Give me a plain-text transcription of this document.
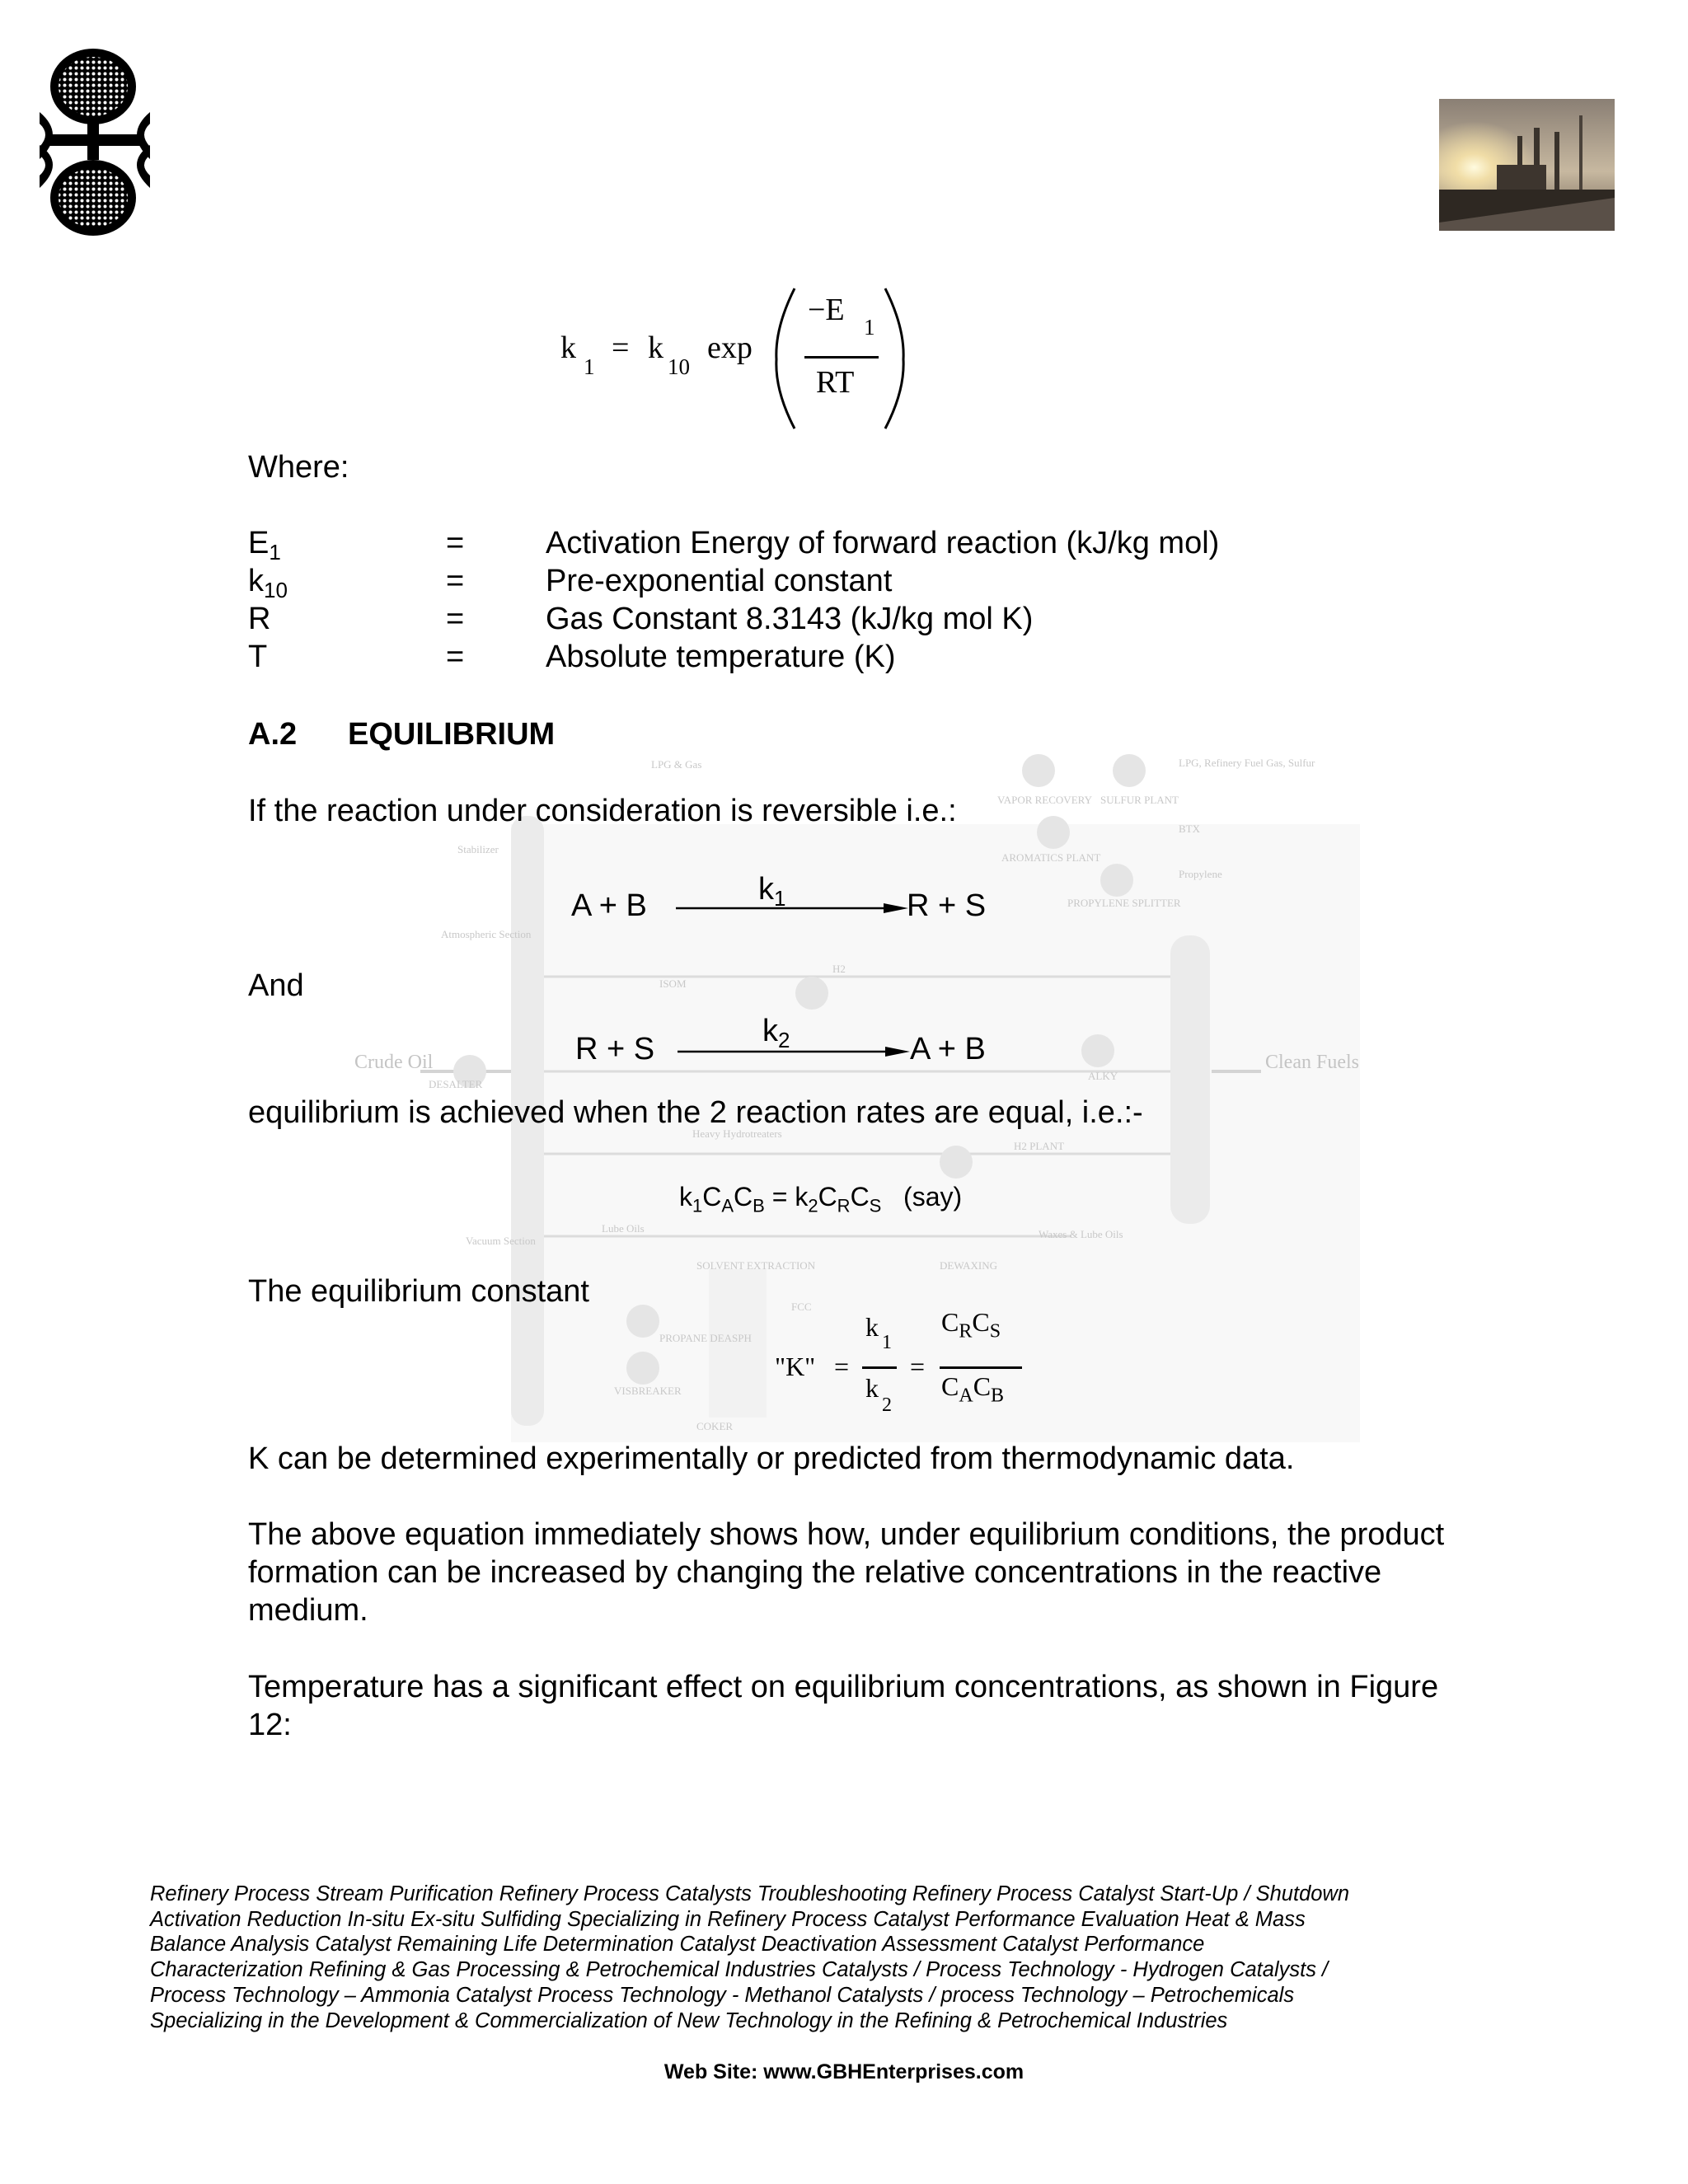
LPG & Gas
VAPOR RECOVERY SULFUR PLANT
LPG, Refinery Fuel Gas, Sulfur
Stabilizer
AROMATICS PLANT
BTX
Propylene
PROPYLENE SPLITTER
Atmospheric Section
ISOM
H2
DESALTER
ALKY
Heavy Hydrotreaters
H2 PLANT
Lube Oils
Vacuum Section
SOLVENT EXTRACTION	DEWAXING
Waxes & Lube Oils
FCC
PROPANE DEASPH
VISBREAKER
COKER
Crude Oil	Clean Fuels
k
1
= k
10
exp
−E 1
RT
Where:
$E_1$	=	Activation Energy of forward reaction (kJ/kg mol)
$k_{10}$	=	Pre-exponential constant
R	=	Gas Constant 8.3143 (kJ/kg mol K)
T	=	Absolute temperature (K)
A.2 EQUILIBRIUM
If the reaction under consideration is reversible i.e.:
A + B	$k_1$	R + S
And
R + S
$k_2$	A + B
equilibrium is achieved when the 2 reaction rates are equal, i.e.:-
$k_1C_AC_B = k_2C_RC_S$ (say)
The equilibrium constant
"K" =
k
1
k
2
=
$C_RC_S$
$C_AC_B$
K can be determined experimentally or predicted from thermodynamic data.
The above equation immediately shows how, under equilibrium conditions, the product formation can be increased by changing the relative concentrations in the reactive medium.
Temperature has a significant effect on equilibrium concentrations, as shown in Figure 12:
Refinery Process Stream Purification Refinery Process Catalysts Troubleshooting Refinery Process Catalyst Start-Up / Shutdown
Activation Reduction In-situ Ex-situ Sulfiding Specializing in Refinery Process Catalyst Performance Evaluation Heat & Mass
Balance Analysis Catalyst Remaining Life Determination Catalyst Deactivation Assessment Catalyst Performance
Characterization Refining & Gas Processing & Petrochemical Industries Catalysts / Process Technology - Hydrogen Catalysts /
Process Technology – Ammonia Catalyst Process Technology - Methanol Catalysts / process Technology – Petrochemicals
Specializing in the Development & Commercialization of New Technology in the Refining & Petrochemical Industries
Web Site: www.GBHEnterprises.com
